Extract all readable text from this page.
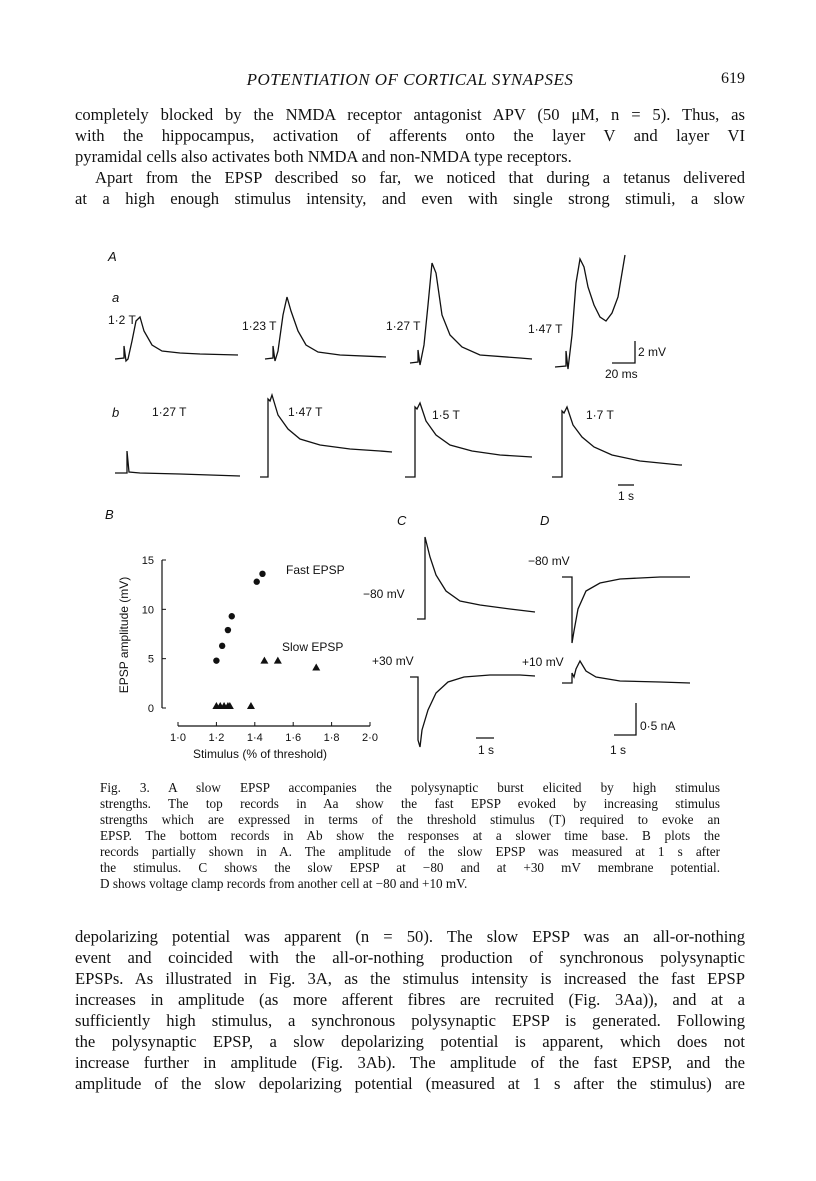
POTENTIATION OF CORTICAL SYNAPSES	619
completely blocked by the NMDA receptor antagonist APV (50 μM, n = 5). Thus, as
with the hippocampus, activation of afferents onto the layer V and layer VI
pyramidal cells also activates both NMDA and non-NMDA type receptors.
Apart from the EPSP described so far, we noticed that during a tetanus delivered
at a high enough stimulus intensity, and even with single strong stimuli, a slow
0
5
10
15
1·0 1·2 1·4 1·6 1·8 2·0
Stimulus (% of threshold)
EPSP amplitude (mV)
A
a
b
B	C	D
1·2 T	1·23 T	1·27 T	1·47 T
2 mV
20 ms
1·27 T	1·47 T	1·5 T	1·7 T
1 s
Fast EPSP
Slow EPSP
−80 mV
+30 mV
1 s
−80 mV
+10 mV
0·5 nA
1 s
Fig. 3. A slow EPSP accompanies the polysynaptic burst elicited by high stimulus
strengths. The top records in Aa show the fast EPSP evoked by increasing stimulus
strengths which are expressed in terms of the threshold stimulus (T) required to evoke an
EPSP. The bottom records in Ab show the responses at a slower time base. B plots the
records partially shown in A. The amplitude of the slow EPSP was measured at 1 s after
the stimulus. C shows the slow EPSP at −80 and at +30 mV membrane potential.
D shows voltage clamp records from another cell at −80 and +10 mV.
depolarizing potential was apparent (n = 50). The slow EPSP was an all-or-nothing
event and coincided with the all-or-nothing production of synchronous polysynaptic
EPSPs. As illustrated in Fig. 3A, as the stimulus intensity is increased the fast EPSP
increases in amplitude (as more afferent fibres are recruited (Fig. 3Aa)), and at a
sufficiently high stimulus, a synchronous polysynaptic EPSP is generated. Following
the polysynaptic EPSP, a slow depolarizing potential is apparent, which does not
increase further in amplitude (Fig. 3Ab). The amplitude of the fast EPSP, and the
amplitude of the slow depolarizing potential (measured at 1 s after the stimulus) are
